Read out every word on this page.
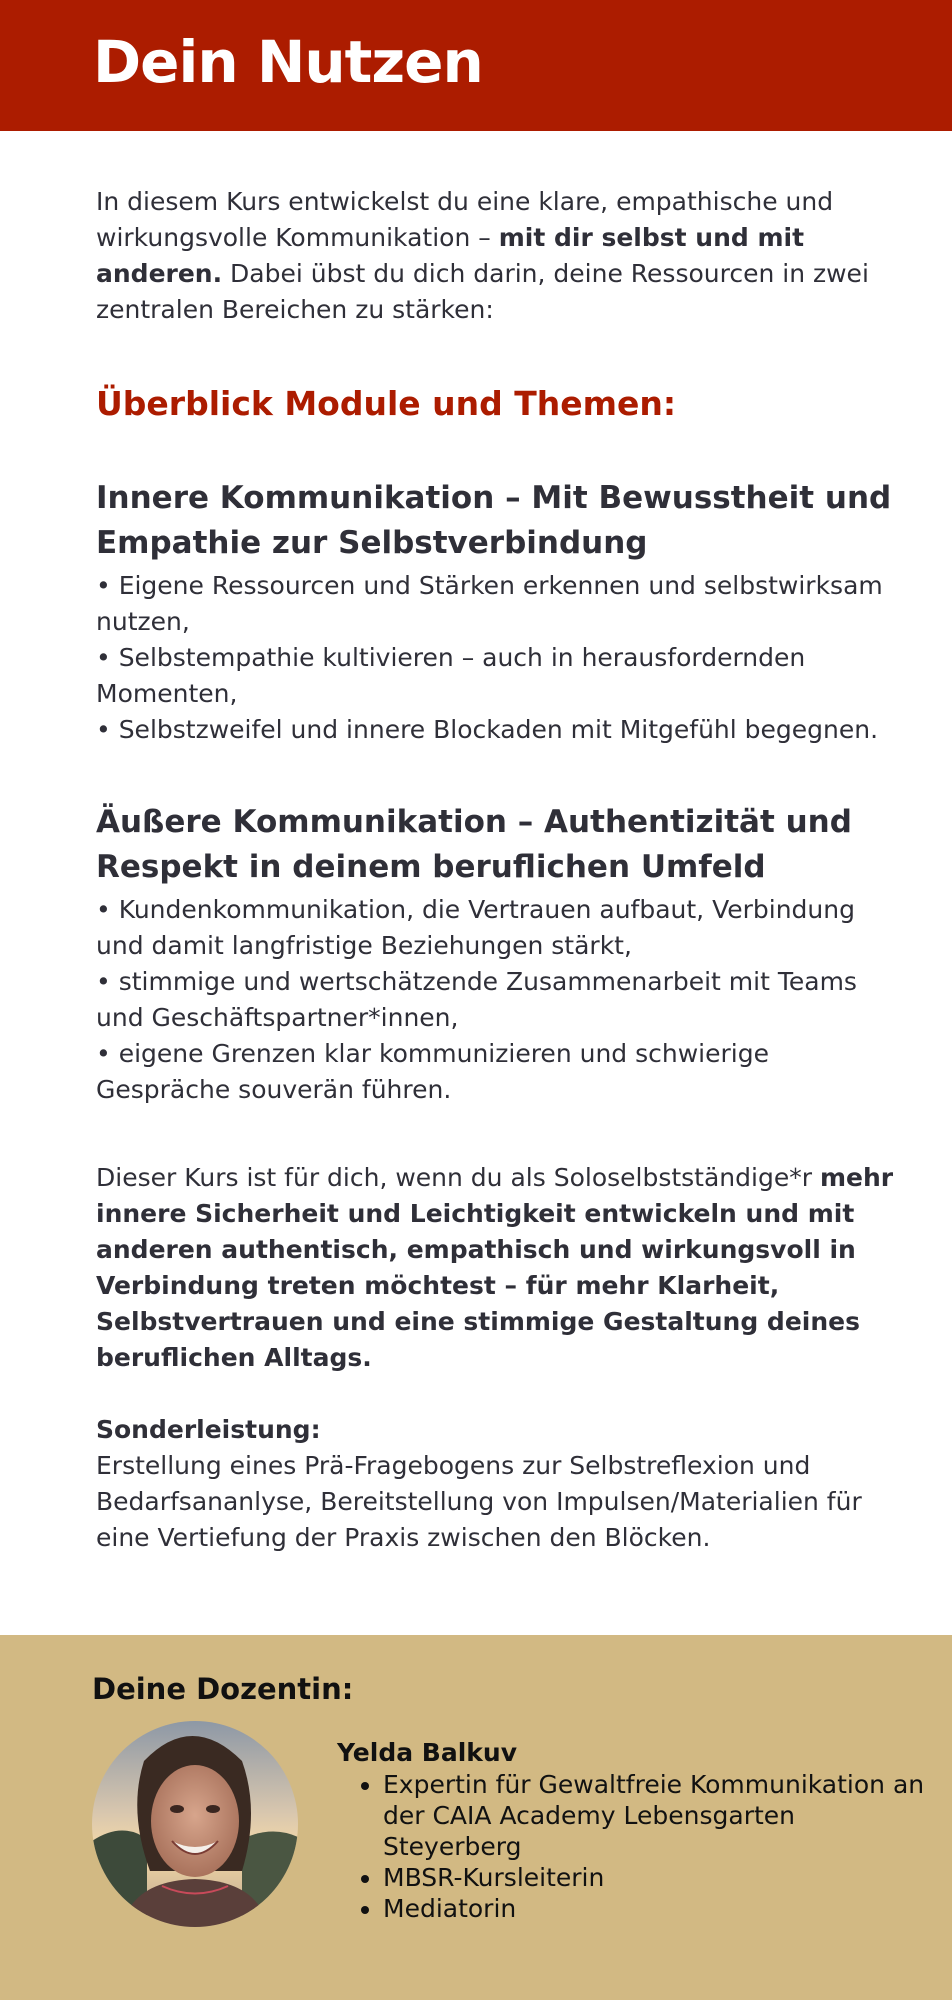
Dein Nutzen

In diesem Kurs entwickelst du eine klare, empathische und wirkungsvolle Kommunikation – mit dir selbst und mit anderen. Dabei übst du dich darin, deine Ressourcen in zwei zentralen Bereichen zu stärken:

Überblick Module und Themen:
Innere Kommunikation – Mit Bewusstheit und Empathie zur Selbstverbindung

• Eigene Ressourcen und Stärken erkennen und selbstwirksam nutzen,
• Selbstempathie kultivieren – auch in herausfordernden Momenten,
• Selbstzweifel und innere Blockaden mit Mitgefühl begegnen.

Äußere Kommunikation – Authentizität und Respekt in deinem beruflichen Umfeld

• Kundenkommunikation, die Vertrauen aufbaut, Verbindung und damit langfristige Beziehungen stärkt,
• stimmige und wertschätzende Zusammenarbeit mit Teams und Geschäftspartner*innen,
• eigene Grenzen klar kommunizieren und schwierige Gespräche souverän führen.

Dieser Kurs ist für dich, wenn du als Soloselbstständige*r mehr innere Sicherheit und Leichtigkeit entwickeln und mit anderen authentisch, empathisch und wirkungsvoll in Verbindung treten möchtest – für mehr Klarheit, Selbstvertrauen und eine stimmige Gestaltung deines beruflichen Alltags.

Sonderleistung:
Erstellung eines Prä-Fragebogens zur Selbstreflexion und Bedarfsananlyse, Bereitstellung von Impulsen/Materialien für eine Vertiefung der Praxis zwischen den Blöcken.

Deine Dozentin:
Yelda Balkuv
• Expertin für Gewaltfreie Kommunikation an der CAIA Academy Lebensgarten Steyerberg
• MBSR-Kursleiterin
• Mediatorin
